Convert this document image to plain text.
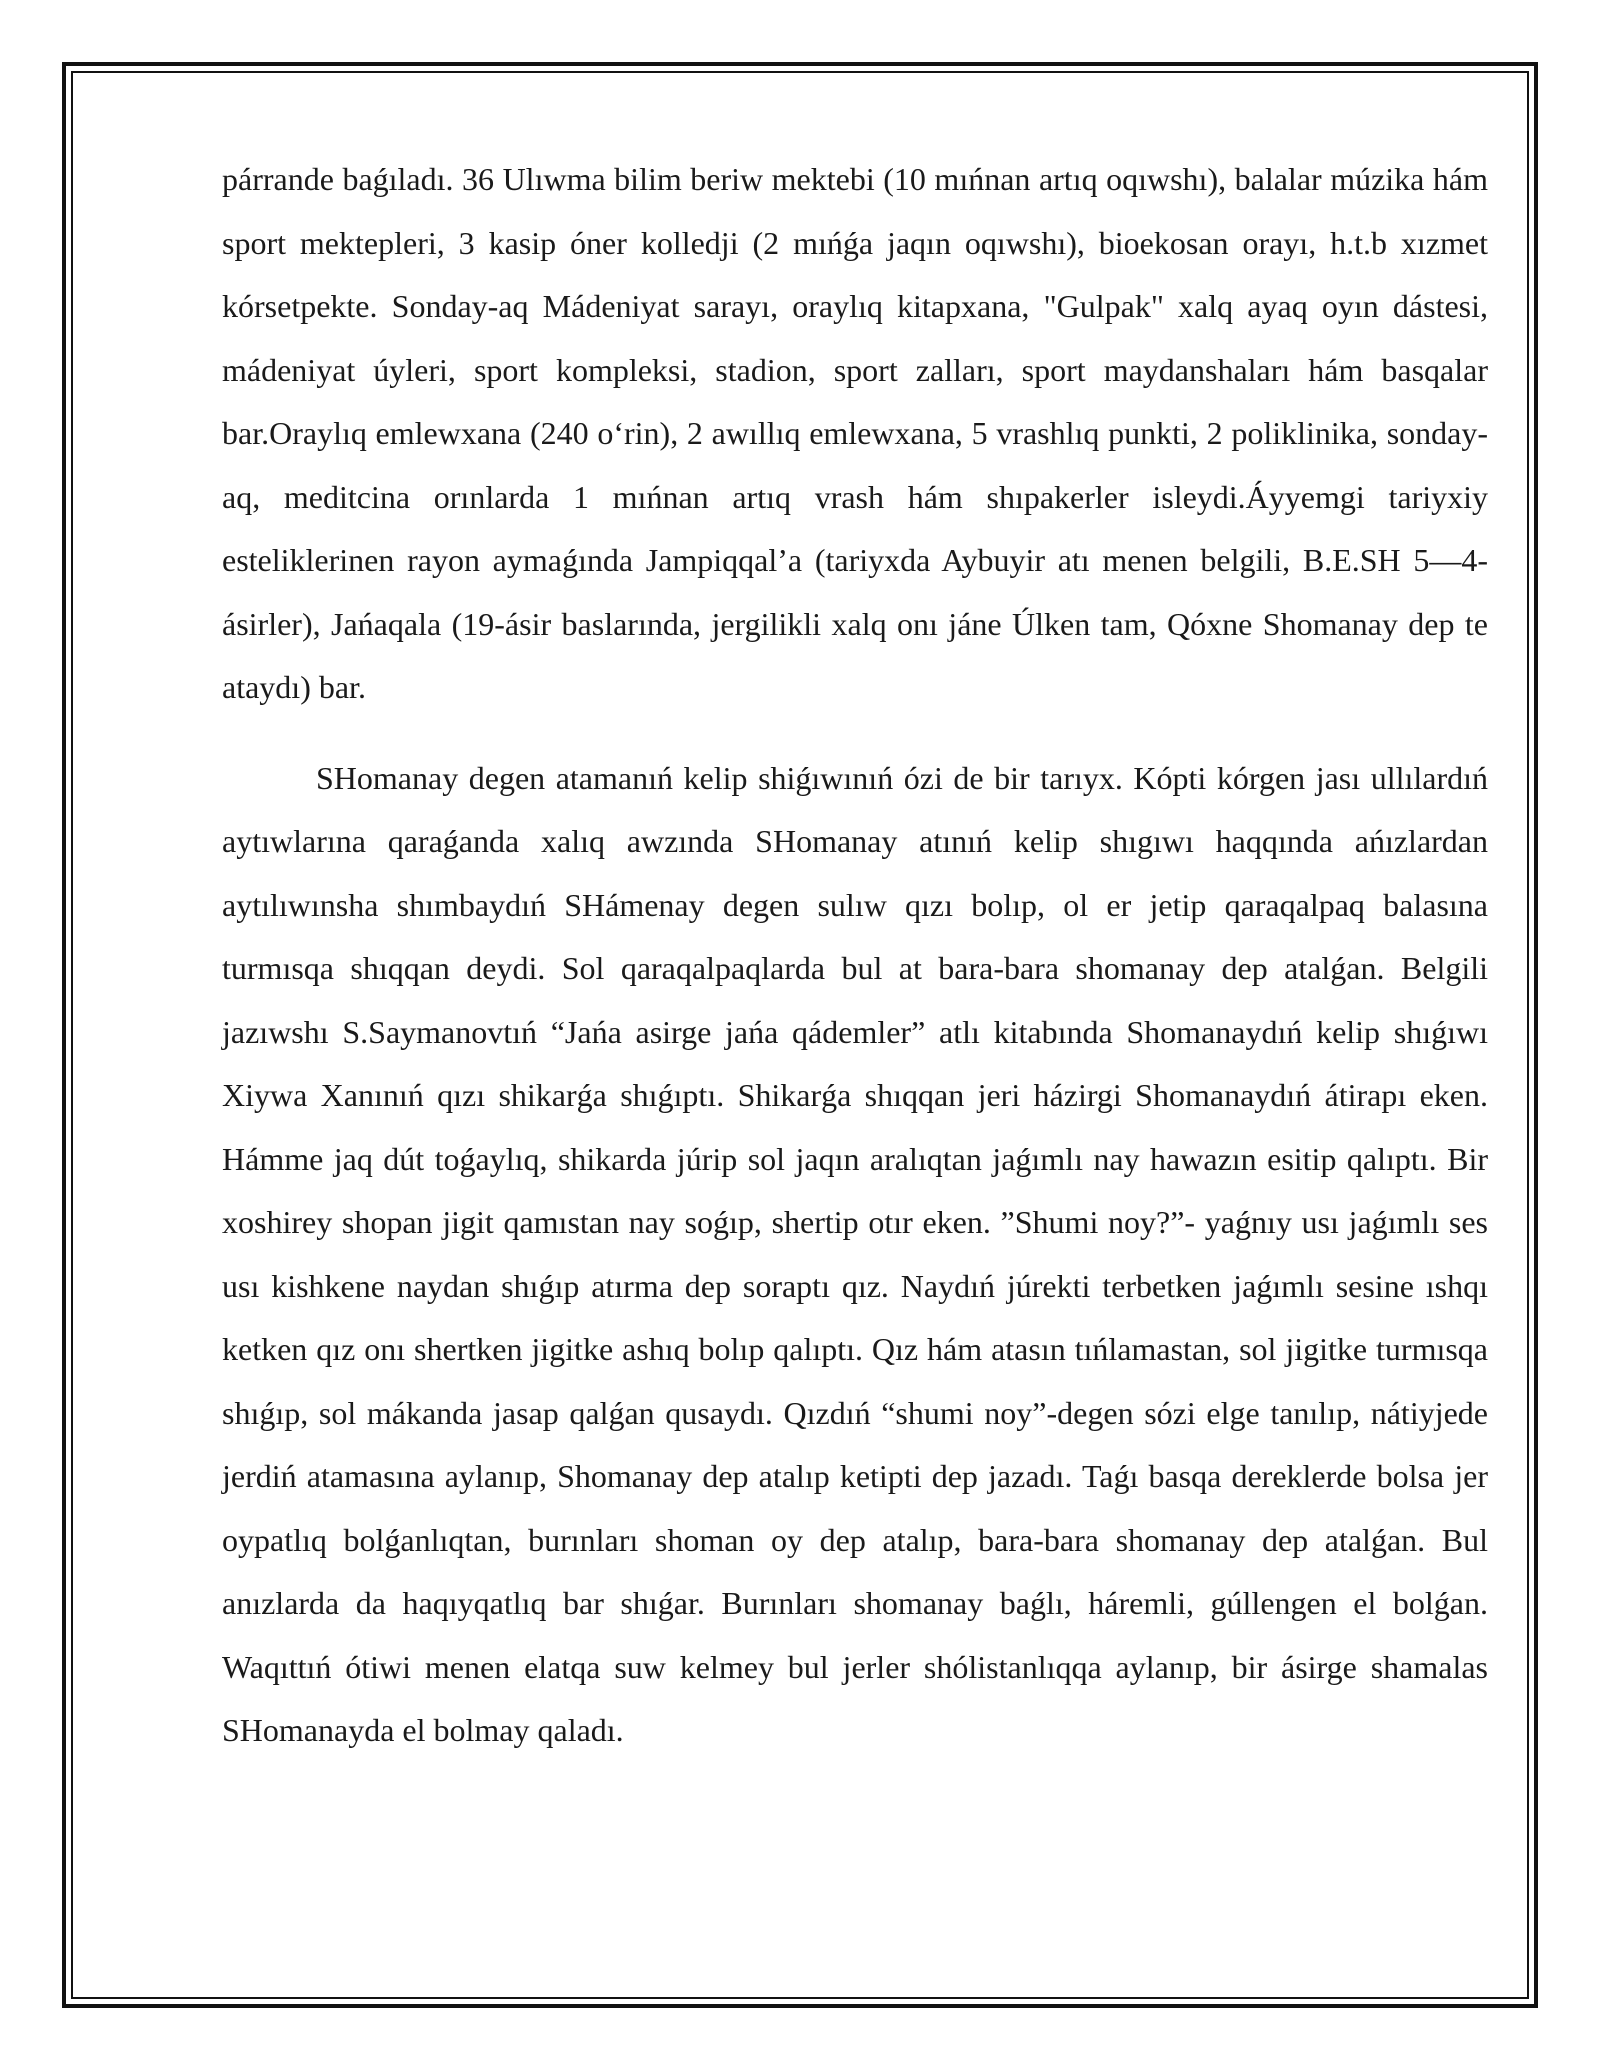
párrande baǵıladı. 36 Ulıwma bilim beriw mektebi (10 mıńnan artıq oqıwshı), balalar múzika hám sport mektepleri, 3 kasip óner kolledji (2 mıńǵa jaqın oqıwshı), bioekosan orayı, h.t.b xızmet kórsetpekte. Sonday-aq Mádeniyat sarayı, oraylıq kitapxana, "Gulpak" xalq ayaq oyın dástesi, mádeniyat úyleri, sport kompleksi, stadion, sport zalları, sport maydanshaları hám basqalar bar.Oraylıq emlewxana (240 oʻrin), 2 awıllıq emlewxana, 5 vrashlıq punkti, 2 poliklinika, sonday-aq, meditcina orınlarda 1 mıńnan artıq vrash hám shıpakerler isleydi.Áyyemgi tariyxiy esteliklerinen rayon aymaǵında Jampiqqal’a (tariyxda Aybuyir atı menen belgili, B.E.SH 5—4-ásirler), Jańaqala (19-ásir baslarında, jergilikli xalq onı jáne Úlken tam, Qóxne Shomanay dep te ataydı) bar.

SHomanay degen atamanıń kelip shiǵıwınıń ózi de bir tarıyx. Kópti kórgen jası ullılardıń aytıwlarına qaraǵanda xalıq awzında SHomanay atınıń kelip shıgıwı haqqında ańızlardan aytılıwınsha shımbaydıń SHámenay degen sulıw qızı bolıp, ol er jetip qaraqalpaq balasına turmısqa shıqqan deydi. Sol qaraqalpaqlarda bul at bara-bara shomanay dep atalǵan. Belgili jazıwshı S.Saymanovtıń “Jańa asirge jańa qádemler” atlı kitabında Shomanaydıń kelip shıǵıwı Xiywa Xanınıń qızı shikarǵa shıǵıptı. Shikarǵa shıqqan jeri házirgi Shomanaydıń átirapı eken. Hámme jaq dút toǵaylıq, shikarda júrip sol jaqın aralıqtan jaǵımlı nay hawazın esitip qalıptı. Bir xoshirey shopan jigit qamıstan nay soǵıp, shertip otır eken. ”Shumi noy?”- yaǵnıy usı jaǵımlı ses usı kishkene naydan shıǵıp atırma dep soraptı qız. Naydıń júrekti terbetken jaǵımlı sesine ıshqı ketken qız onı shertken jigitke ashıq bolıp qalıptı. Qız hám atasın tıńlamastan, sol jigitke turmısqa shıǵıp, sol mákanda jasap qalǵan qusaydı. Qızdıń “shumi noy”-degen sózi elge tanılıp, nátiyjede jerdiń atamasına aylanıp, Shomanay dep atalıp ketipti dep jazadı. Taǵı basqa dereklerde bolsa jer oypatlıq bolǵanlıqtan, burınları shoman oy dep atalıp, bara-bara shomanay dep atalǵan. Bul anızlarda da haqıyqatlıq bar shıǵar. Burınları shomanay baǵlı, háremli, gúllengen el bolǵan. Waqıttıń ótiwi menen elatqa suw kelmey bul jerler shólistanlıqqa aylanıp, bir ásirge shamalas SHomanayda el bolmay qaladı.
